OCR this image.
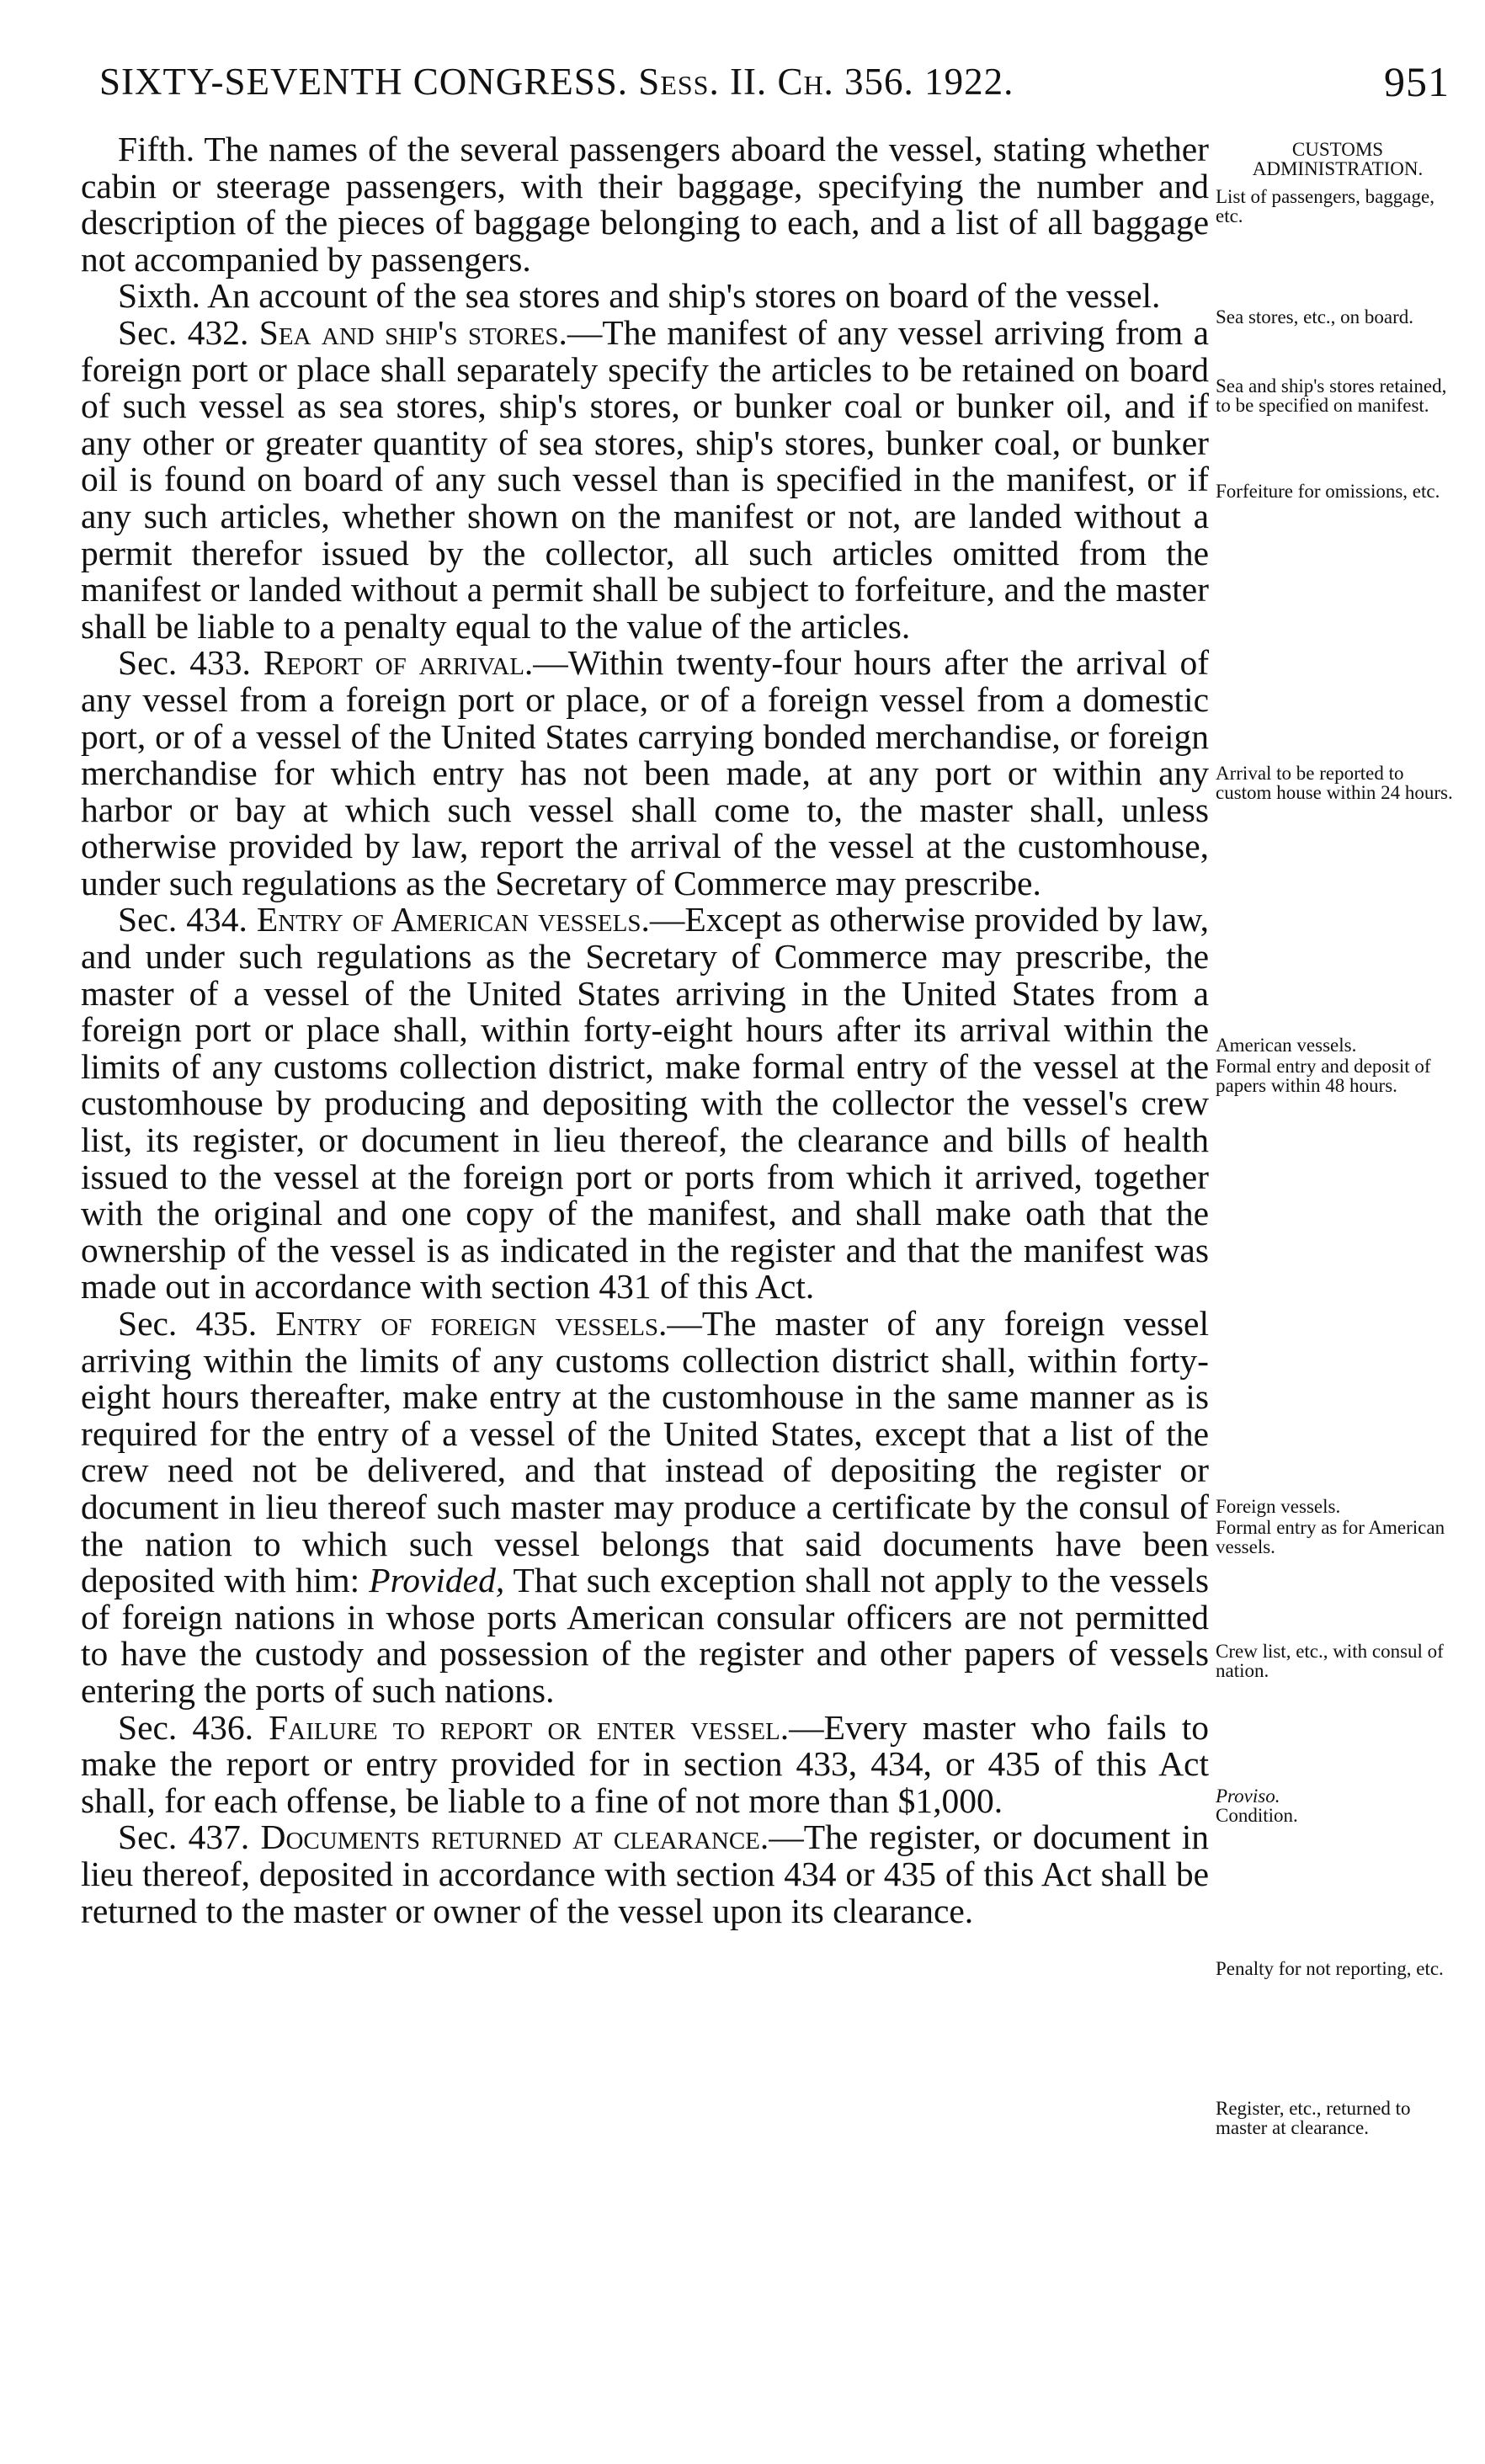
SIXTY-SEVENTH CONGRESS. Sess. II. Ch. 356. 1922.	951

Fifth. The names of the several passengers aboard the vessel, stating whether cabin or steerage passengers, with their baggage, specifying the number and description of the pieces of baggage belonging to each, and a list of all baggage not accompanied by passengers.

Sixth. An account of the sea stores and ship's stores on board of the vessel.

Sec. 432. Sea and ship's stores.—The manifest of any vessel arriving from a foreign port or place shall separately specify the articles to be retained on board of such vessel as sea stores, ship's stores, or bunker coal or bunker oil, and if any other or greater quantity of sea stores, ship's stores, bunker coal, or bunker oil is found on board of any such vessel than is specified in the manifest, or if any such articles, whether shown on the manifest or not, are landed without a permit therefor issued by the collector, all such articles omitted from the manifest or landed without a permit shall be subject to forfeiture, and the master shall be liable to a penalty equal to the value of the articles.

Sec. 433. Report of arrival.—Within twenty-four hours after the arrival of any vessel from a foreign port or place, or of a foreign vessel from a domestic port, or of a vessel of the United States carrying bonded merchandise, or foreign merchandise for which entry has not been made, at any port or within any harbor or bay at which such vessel shall come to, the master shall, unless otherwise provided by law, report the arrival of the vessel at the customhouse, under such regulations as the Secretary of Commerce may prescribe.

Sec. 434. Entry of American vessels.—Except as otherwise provided by law, and under such regulations as the Secretary of Commerce may prescribe, the master of a vessel of the United States arriving in the United States from a foreign port or place shall, within forty-eight hours after its arrival within the limits of any customs collection district, make formal entry of the vessel at the customhouse by producing and depositing with the collector the vessel's crew list, its register, or document in lieu thereof, the clearance and bills of health issued to the vessel at the foreign port or ports from which it arrived, together with the original and one copy of the manifest, and shall make oath that the ownership of the vessel is as indicated in the register and that the manifest was made out in accordance with section 431 of this Act.

Sec. 435. Entry of foreign vessels.—The master of any foreign vessel arriving within the limits of any customs collection district shall, within forty-eight hours thereafter, make entry at the customhouse in the same manner as is required for the entry of a vessel of the United States, except that a list of the crew need not be delivered, and that instead of depositing the register or document in lieu thereof such master may produce a certificate by the consul of the nation to which such vessel belongs that said documents have been deposited with him: Provided, That such exception shall not apply to the vessels of foreign nations in whose ports American consular officers are not permitted to have the custody and possession of the register and other papers of vessels entering the ports of such nations.

Sec. 436. Failure to report or enter vessel.—Every master who fails to make the report or entry provided for in section 433, 434, or 435 of this Act shall, for each offense, be liable to a fine of not more than $1,000.

Sec. 437. Documents returned at clearance.—The register, or document in lieu thereof, deposited in accordance with section 434 or 435 of this Act shall be returned to the master or owner of the vessel upon its clearance.

CUSTOMS ADMINISTRATION.
List of passengers, baggage, etc.
Sea stores, etc., on board.
Sea and ship's stores retained, to be specified on manifest.
Forfeiture for omissions, etc.
Arrival to be reported to custom house within 24 hours.
American vessels.
Formal entry and deposit of papers within 48 hours.
Foreign vessels.
Formal entry as for American vessels.
Crew list, etc., with consul of nation.
Proviso.
Condition.
Penalty for not reporting, etc.
Register, etc., returned to master at clearance.
